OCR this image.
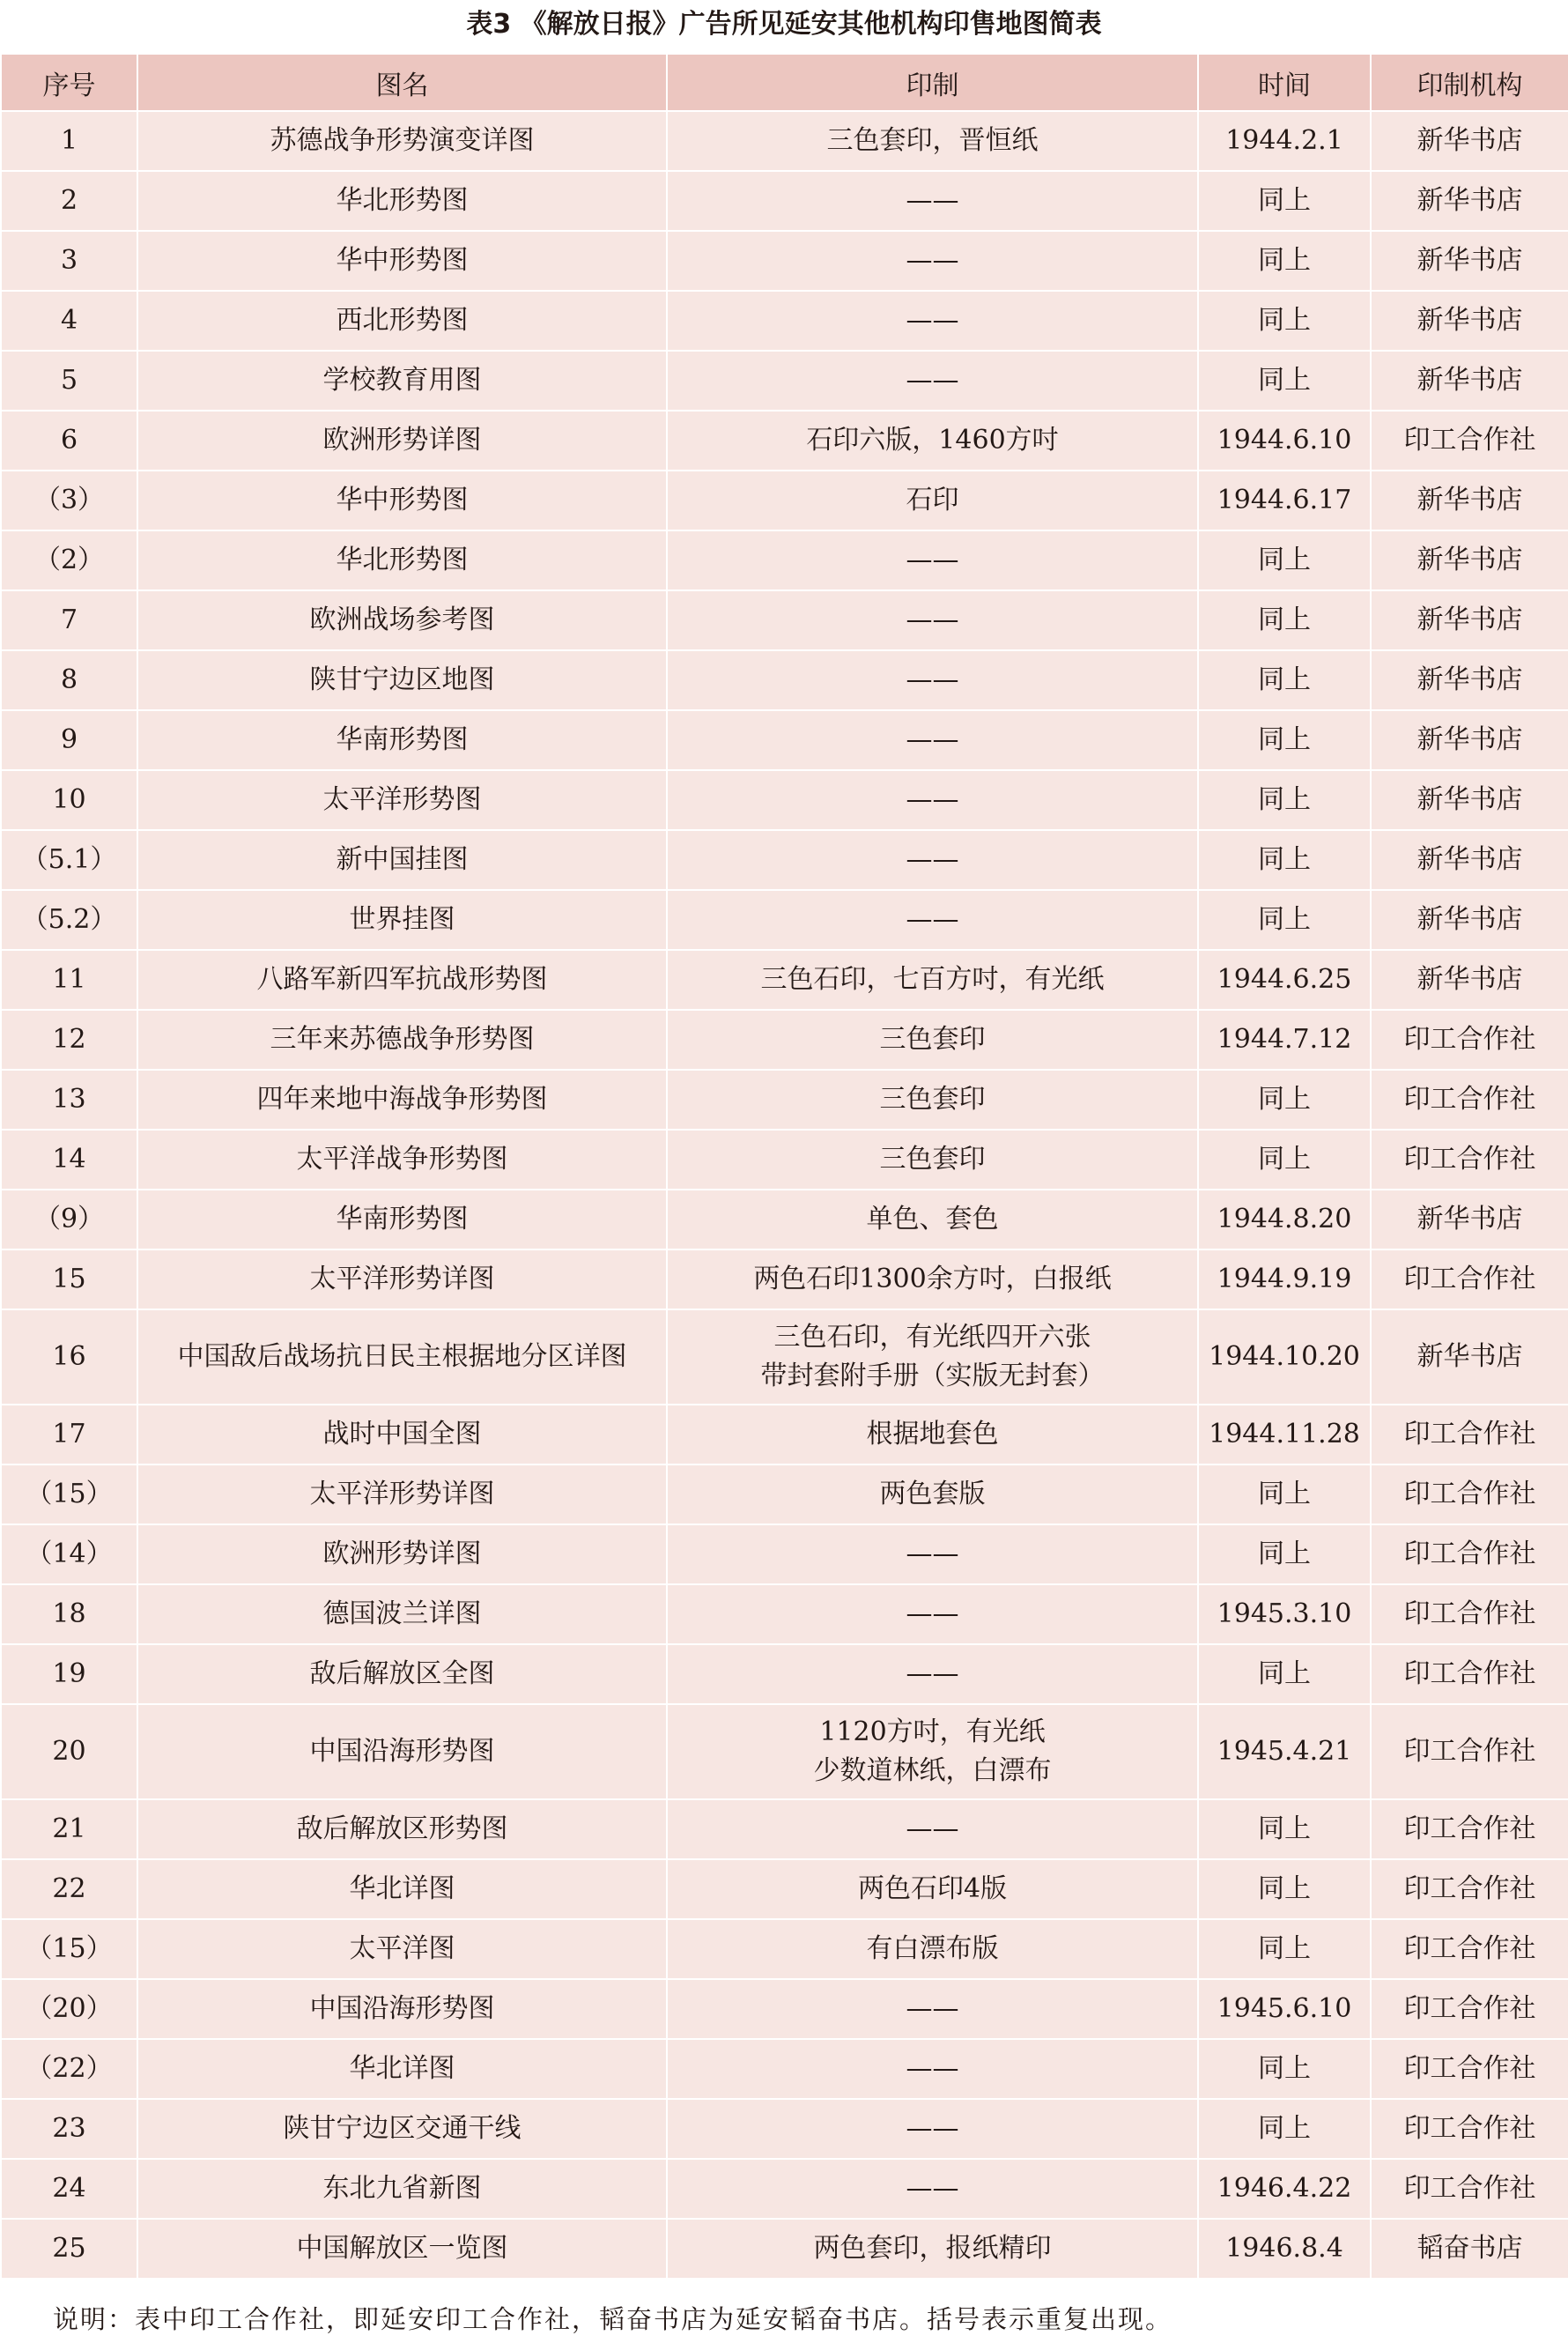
表3 《解放日报》广告所见延安其他机构印售地图简表
序号	图名	印制	时间	印制机构
1	苏德战争形势演变详图	三色套印，晋恒纸	1944.2.1	新华书店
2	华北形势图	——	同上	新华书店
3	华中形势图	——	同上	新华书店
4	西北形势图	——	同上	新华书店
5	学校教育用图	——	同上	新华书店
6	欧洲形势详图	石印六版，1460方吋	1944.6.10	印工合作社
（3）	华中形势图	石印	1944.6.17	新华书店
（2）	华北形势图	——	同上	新华书店
7	欧洲战场参考图	——	同上	新华书店
8	陕甘宁边区地图	——	同上	新华书店
9	华南形势图	——	同上	新华书店
10	太平洋形势图	——	同上	新华书店
（5.1）	新中国挂图	——	同上	新华书店
（5.2）	世界挂图	——	同上	新华书店
11	八路军新四军抗战形势图	三色石印，七百方吋，有光纸	1944.6.25	新华书店
12	三年来苏德战争形势图	三色套印	1944.7.12	印工合作社
13	四年来地中海战争形势图	三色套印	同上	印工合作社
14	太平洋战争形势图	三色套印	同上	印工合作社
（9）	华南形势图	单色、套色	1944.8.20	新华书店
15	太平洋形势详图	两色石印1300余方吋，白报纸	1944.9.19	印工合作社
16	中国敌后战场抗日民主根据地分区详图	三色石印，有光纸四开六张
带封套附手册（实版无封套）	1944.10.20	新华书店
17	战时中国全图	根据地套色	1944.11.28	印工合作社
（15）	太平洋形势详图	两色套版	同上	印工合作社
（14）	欧洲形势详图	——	同上	印工合作社
18	德国波兰详图	——	1945.3.10	印工合作社
19	敌后解放区全图	——	同上	印工合作社
20	中国沿海形势图	1120方吋，有光纸
少数道林纸，白漂布	1945.4.21	印工合作社
21	敌后解放区形势图	——	同上	印工合作社
22	华北详图	两色石印4版	同上	印工合作社
（15）	太平洋图	有白漂布版	同上	印工合作社
（20）	中国沿海形势图	——	1945.6.10	印工合作社
（22）	华北详图	——	同上	印工合作社
23	陕甘宁边区交通干线	——	同上	印工合作社
24	东北九省新图	——	1946.4.22	印工合作社
25	中国解放区一览图	两色套印，报纸精印	1946.8.4	韬奋书店
说明：表中印工合作社，即延安印工合作社，韬奋书店为延安韬奋书店。括号表示重复出现。
